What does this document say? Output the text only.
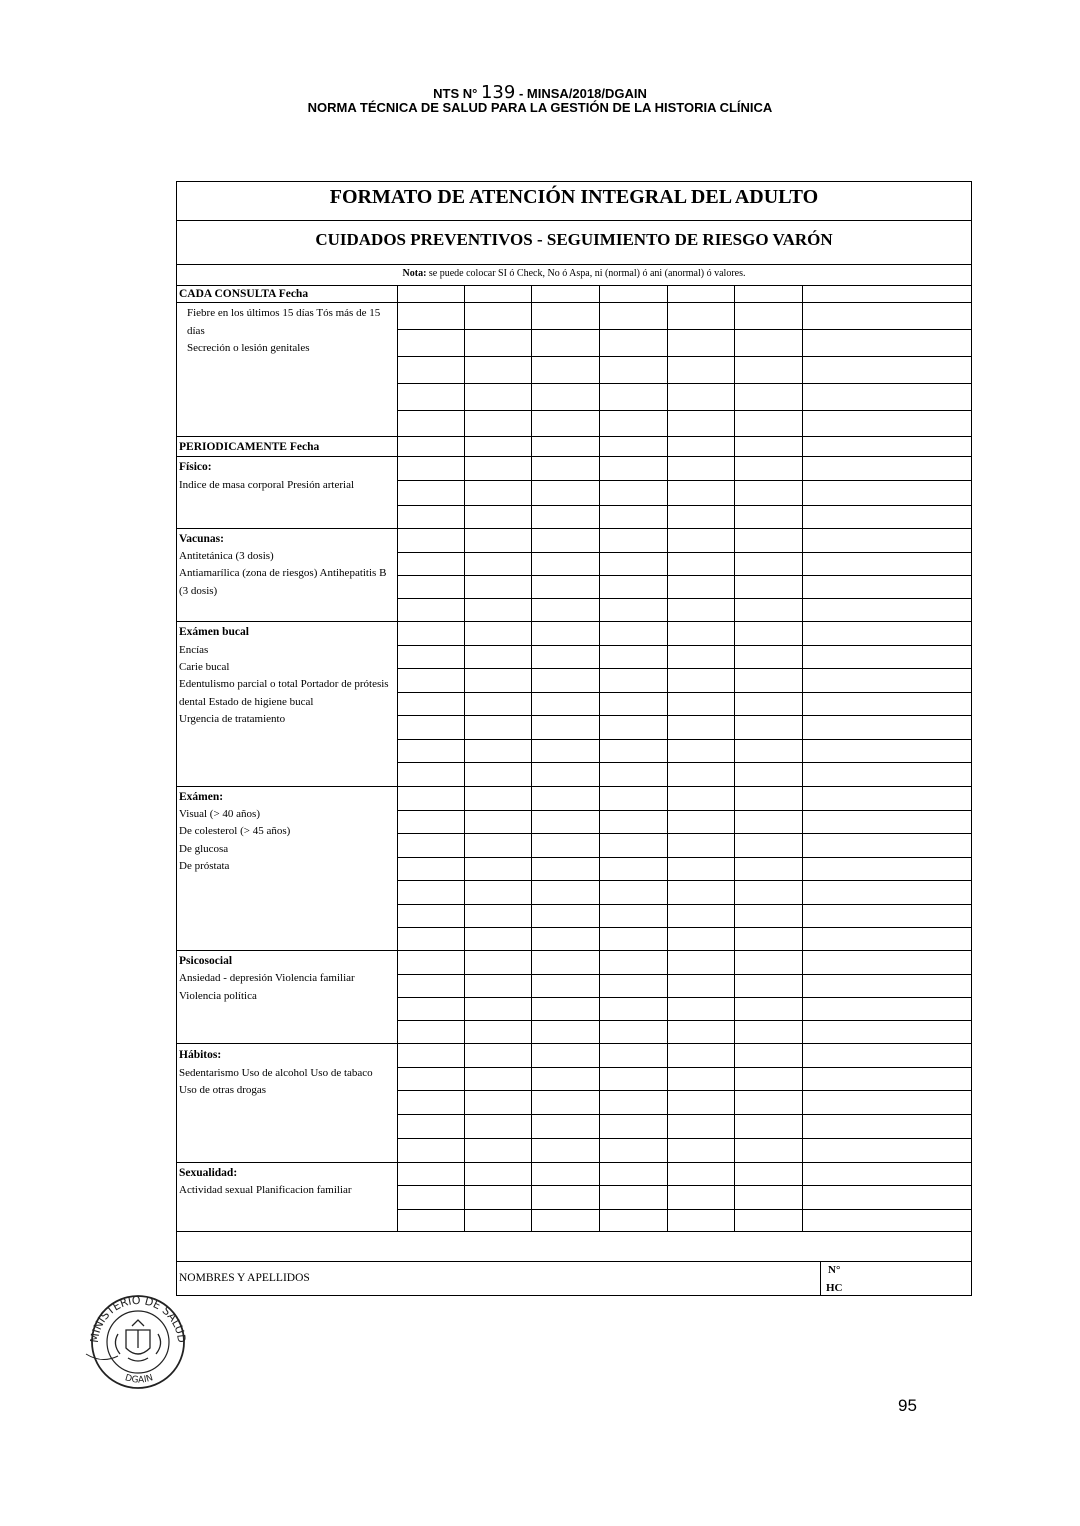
NTS N° 139 - MINSA/2018/DGAIN
NORMA TÉCNICA DE SALUD PARA LA GESTIÓN DE LA HISTORIA CLÍNICA
FORMATO DE ATENCIÓN INTEGRAL DEL ADULTO
CUIDADOS PREVENTIVOS - SEGUIMIENTO DE RIESGO VARÓN
Nota: se puede colocar SI ó Check, No ó Aspa, ni (normal) ó ani (anormal) ó valores.
CADA CONSULTA Fecha
Fiebre en los últimos 15 días Tós más de 15 días
Secreción o lesión genitales
PERIODICAMENTE Fecha
Físico:
Indice de masa corporal Presión arterial
Vacunas:
Antitetánica (3 dosis)
Antiamarílica (zona de riesgos) Antihepatitis B (3 dosis)
Exámen bucal
Encías
Carie bucal
Edentulismo parcial o total Portador de prótesis dental Estado de higiene bucal
Urgencia de tratamiento
Exámen:
Visual (> 40 años)
De colesterol (> 45 años)
De glucosa
De próstata
Psicosocial
Ansiedad - depresión Violencia familiar
Violencia política
Hábitos:
Sedentarismo Uso de alcohol Uso de tabaco
Uso de otras drogas
Sexualidad:
Actividad sexual Planificacion familiar
NOMBRES Y APELLIDOS
N°
HC
MINISTERIO DE SALUD
DGAIN
95
